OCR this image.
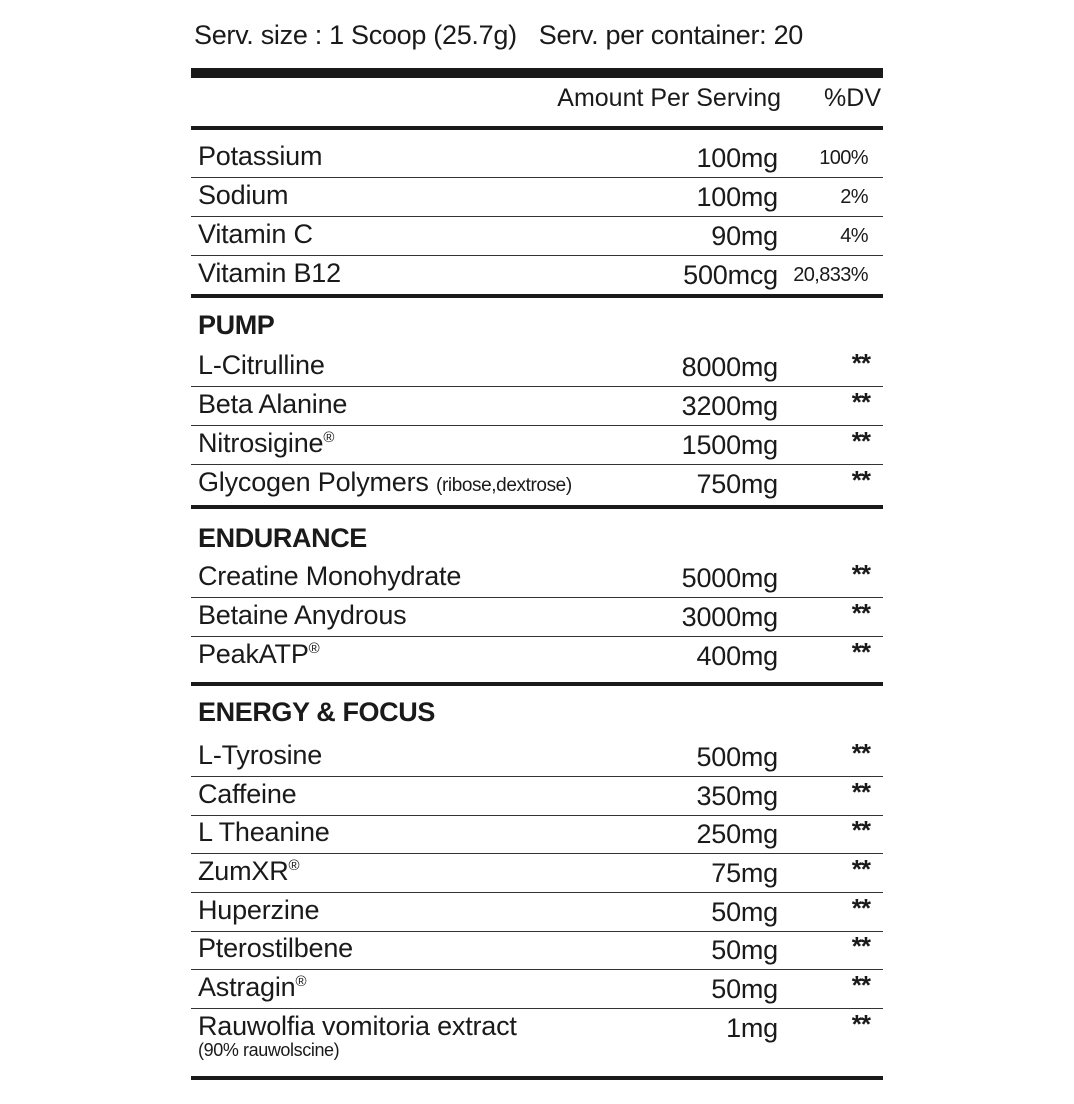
Serv. size : 1 Scoop (25.7g) Serv. per container: 20
Amount Per Serving %DV
Potassium	100mg 100%
Sodium	100mg	2%
Vitamin C	90mg	4%
Vitamin B12	500mcg 20,833%
PUMP
L-Citrulline	8000mg	**
Beta Alanine	3200mg	**
Nitrosigine®	1500mg	**
Glycogen Polymers (ribose,dextrose)	750mg	**
ENDURANCE
Creatine Monohydrate	5000mg	**
Betaine Anydrous	3000mg	**
PeakATP®	400mg	**
ENERGY & FOCUS
L-Tyrosine	500mg	**
Caffeine	350mg	**
L Theanine	250mg	**
ZumXR®	75mg	**
Huperzine	50mg	**
Pterostilbene	50mg	**
Astragin®	50mg	**
Rauwolfia vomitoria extract	1mg	**
(90% rauwolscine)
